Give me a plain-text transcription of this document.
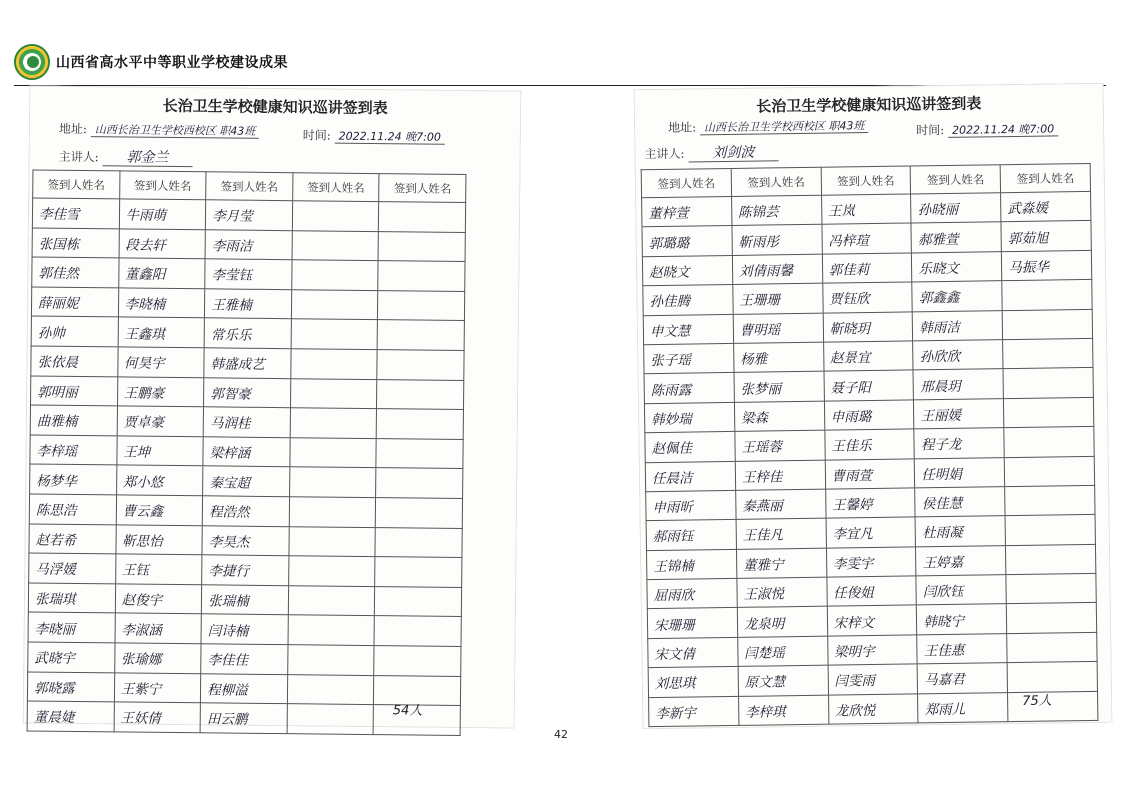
山西省高水平中等职业学校建设成果
长治卫生学校健康知识巡讲签到表
地址: 山西长治卫生学校西校区 职43班	时间: 2022.11.24 晚7:00
主讲人: 郭金兰
签到人姓名	签到人姓名	签到人姓名	签到人姓名	签到人姓名
李佳雪	牛雨萌	李月莹		
张国栋	段去轩	李雨洁		
郭佳然	董鑫阳	李莹钰		
薛丽妮	李晓楠	王雅楠		
孙帅	王鑫琪	常乐乐		
张依晨	何昊宇	韩盛成艺		
郭明丽	王鹏豪	郭智豪		
曲雅楠	贾卓豪	马润桂		
李梓瑶	王坤	梁梓涵		
杨梦华	郑小悠	秦宝超		
陈思浩	曹云鑫	程浩然		
赵若希	靳思怡	李昊杰		
马浮媛	王钰	李捷行		
张瑞琪	赵俊宇	张瑞楠		
李晓丽	李淑涵	闫诗楠		
武晓宇	张瑜娜	李佳佳		
郭晓露	王紫宁	程柳溢		
董晨婕	王妖倩	田云鹏		
54人
长治卫生学校健康知识巡讲签到表
地址: 山西长治卫生学校西校区 职43班	时间: 2022.11.24 晚7:00
主讲人: 刘剑波
签到人姓名	签到人姓名	签到人姓名	签到人姓名	签到人姓名
董梓萱	陈锦芸	王岚	孙晓丽	武淼媛
郭璐璐	靳雨彤	冯梓瑄	郝雅萱	郭茹旭
赵晓文	刘倩雨馨	郭佳莉	乐晓文	马振华
孙佳腾	王珊珊	贾钰欣	郭鑫鑫	
申文慧	曹明瑶	靳晓玥	韩雨洁	
张子瑶	杨雅	赵景宜	孙欣欣	
陈雨露	张梦丽	聂子阳	邢晨玥	
韩妙瑞	梁森	申雨璐	王丽媛	
赵佩佳	王瑶蓉	王佳乐	程子龙	
任晨洁	王梓佳	曹雨萱	任明娟	
申雨昕	秦燕丽	王馨婷	侯佳慧	
郝雨钰	王佳凡	李宜凡	杜雨凝	
王锦楠	董雅宁	李雯宇	王婷嘉	
屈雨欣	王淑悦	任俊姐	闫欣钰	
宋珊珊	龙泉明	宋梓文	韩晓宁	
宋文倩	闫楚瑶	梁明宇	王佳惠	
刘思琪	原文慧	闫雯雨	马嘉君	
李新宇	李梓琪	龙欣悦	郑雨儿	
75人
42
